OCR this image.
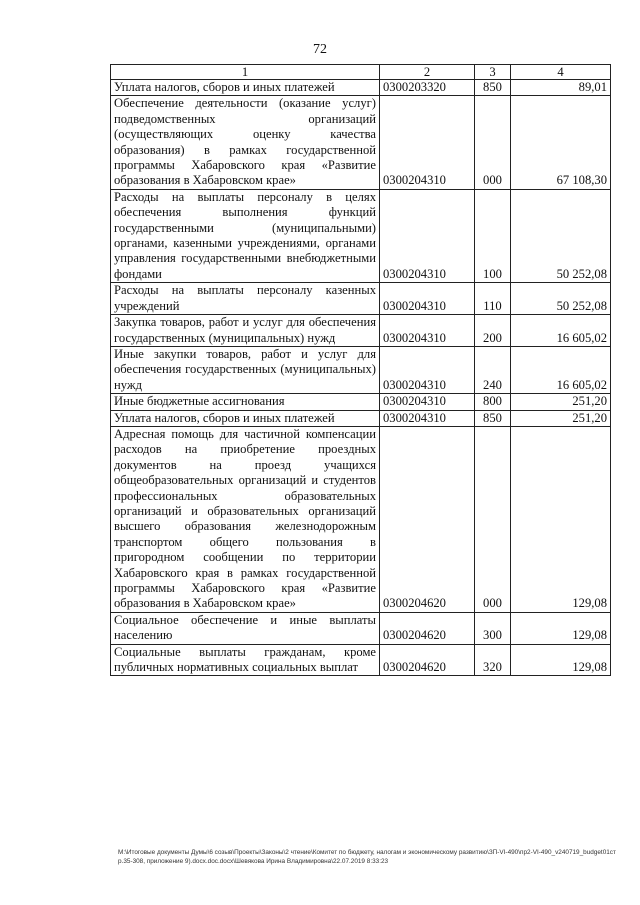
72
1	2	3	4
Уплата налогов, сборов и иных платежей	0300203320	850	89,01
Обеспечение деятельности (оказание услуг) подведомственных организаций (осуществляющих оценку качества образования) в рамках государственной программы Хабаровского края «Развитие образования в Хабаровском крае»	0300204310	000	67 108,30
Расходы на выплаты персоналу в целях обеспечения выполнения функций государственными (муниципальными) органами, казенными учреждениями, органами управления государственными внебюджетными фондами	0300204310	100	50 252,08
Расходы на выплаты персоналу казенных учреждений	0300204310	110	50 252,08
Закупка товаров, работ и услуг для обеспечения государственных (муниципальных) нужд	0300204310	200	16 605,02
Иные закупки товаров, работ и услуг для обеспечения государственных (муниципальных) нужд	0300204310	240	16 605,02
Иные бюджетные ассигнования	0300204310	800	251,20
Уплата налогов, сборов и иных платежей	0300204310	850	251,20
Адресная помощь для частичной компенсации расходов на приобретение проездных документов на проезд учащихся общеобразовательных организаций и студентов профессиональных образовательных организаций и образовательных организаций высшего образования железнодорожным транспортом общего пользования в пригородном сообщении по территории Хабаровского края в рамках государственной программы Хабаровского края «Развитие образования в Хабаровском крае»	0300204620	000	129,08
Социальное обеспечение и иные выплаты населению	0300204620	300	129,08
Социальные выплаты гражданам, кроме публичных нормативных социальных выплат	0300204620	320	129,08
M:\Итоговые документы Думы\6 созыв\Проекты\Законы\2 чтение\Комитет по бюджету, налогам и экономическому развитию\ЗП-VI-490\пр2-VI-490_v240719_budget01стр.35-308, приложение 9).docx.doc.docx\Шевякова Ирина Владимировна\22.07.2019 8:33:23
